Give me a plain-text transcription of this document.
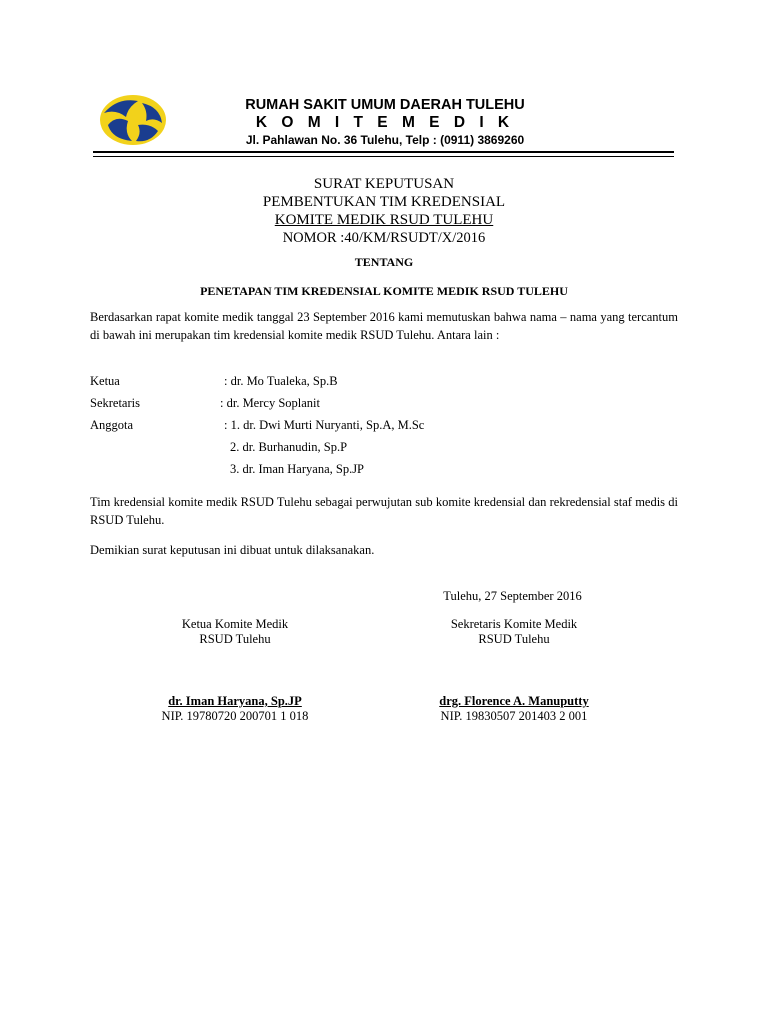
RUMAH SAKIT UMUM DAERAH TULEHU
K O M I T E M E D I K
Jl. Pahlawan No. 36 Tulehu, Telp : (0911) 3869260
SURAT KEPUTUSAN
PEMBENTUKAN TIM KREDENSIAL
KOMITE MEDIK RSUD TULEHU
NOMOR :40/KM/RSUDT/X/2016
TENTANG
PENETAPAN TIM KREDENSIAL KOMITE MEDIK RSUD TULEHU
Berdasarkan rapat komite medik tanggal 23 September 2016 kami memutuskan bahwa nama – nama yang tercantum di bawah ini merupakan tim kredensial komite medik RSUD Tulehu. Antara lain :
Ketua	: dr. Mo Tualeka, Sp.B
Sekretaris	: dr. Mercy Soplanit
Anggota	: 1. dr. Dwi Murti Nuryanti, Sp.A, M.Sc
2. dr. Burhanudin, Sp.P
3. dr. Iman Haryana, Sp.JP
Tim kredensial komite medik RSUD Tulehu sebagai perwujutan sub komite kredensial dan rekredensial staf medis di RSUD Tulehu.
Demikian surat keputusan ini dibuat untuk dilaksanakan.
Tulehu, 27 September 2016
Ketua Komite Medik
RSUD Tulehu
dr. Iman Haryana, Sp.JP
NIP. 19780720 200701 1 018
Sekretaris Komite Medik
RSUD Tulehu
drg. Florence A. Manuputty
NIP. 19830507 201403 2 001
